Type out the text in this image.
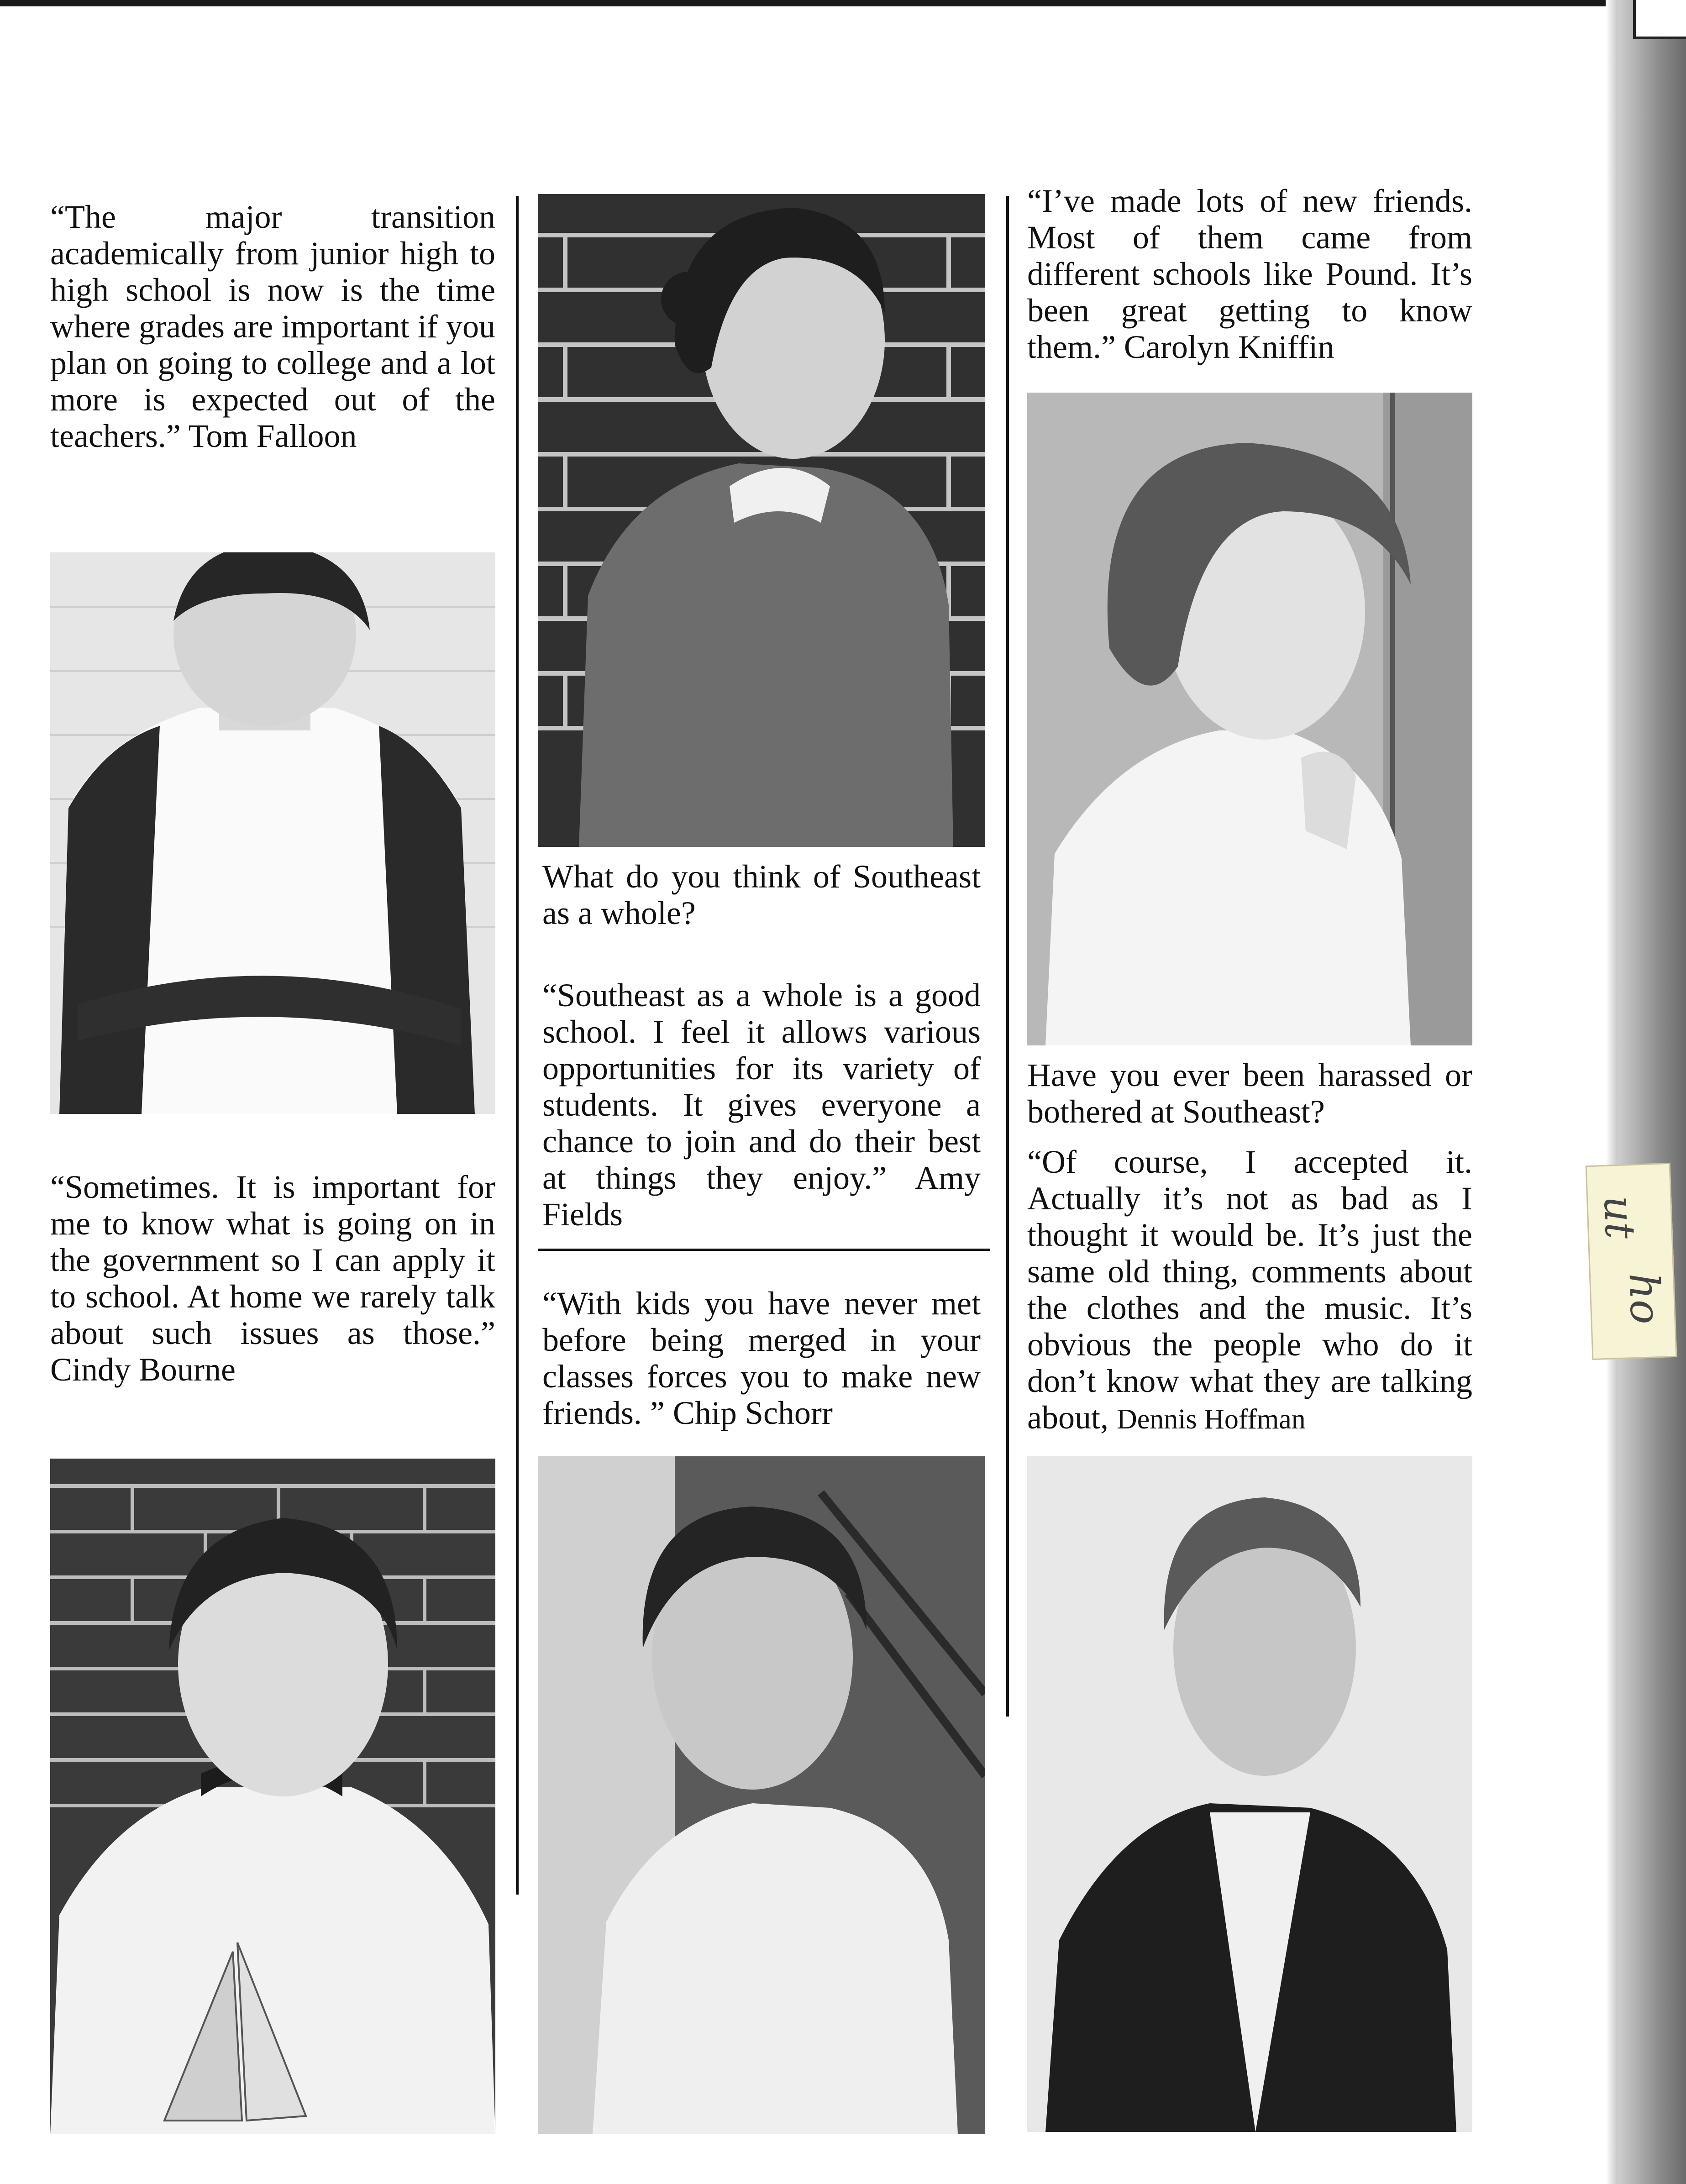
“The major transition academically from junior high to high school is now is the time where grades are important if you plan on going to college and a lot more is expected out of the teachers.” Tom Falloon

“Sometimes. It is important for me to know what is going on in the government so I can apply it to school. At home we rarely talk about such issues as those.” Cindy Bourne

What do you think of Southeast as a whole?

“Southeast as a whole is a good school. I feel it allows various opportunities for its variety of students. It gives everyone a chance to join and do their best at things they enjoy.” Amy Fields

“With kids you have never met before being merged in your classes forces you to make new friends. ” Chip Schorr

“I’ve made lots of new friends. Most of them came from different schools like Pound. It’s been great getting to know them.” Carolyn Kniffin

Have you ever been harassed or bothered at Southeast?

“Of course, I accepted it. Actually it’s not as bad as I thought it would be. It’s just the same old thing, comments about the clothes and the music. It’s obvious the people who do it don’t know what they are talking about, Dennis Hoffman

ut
ho
